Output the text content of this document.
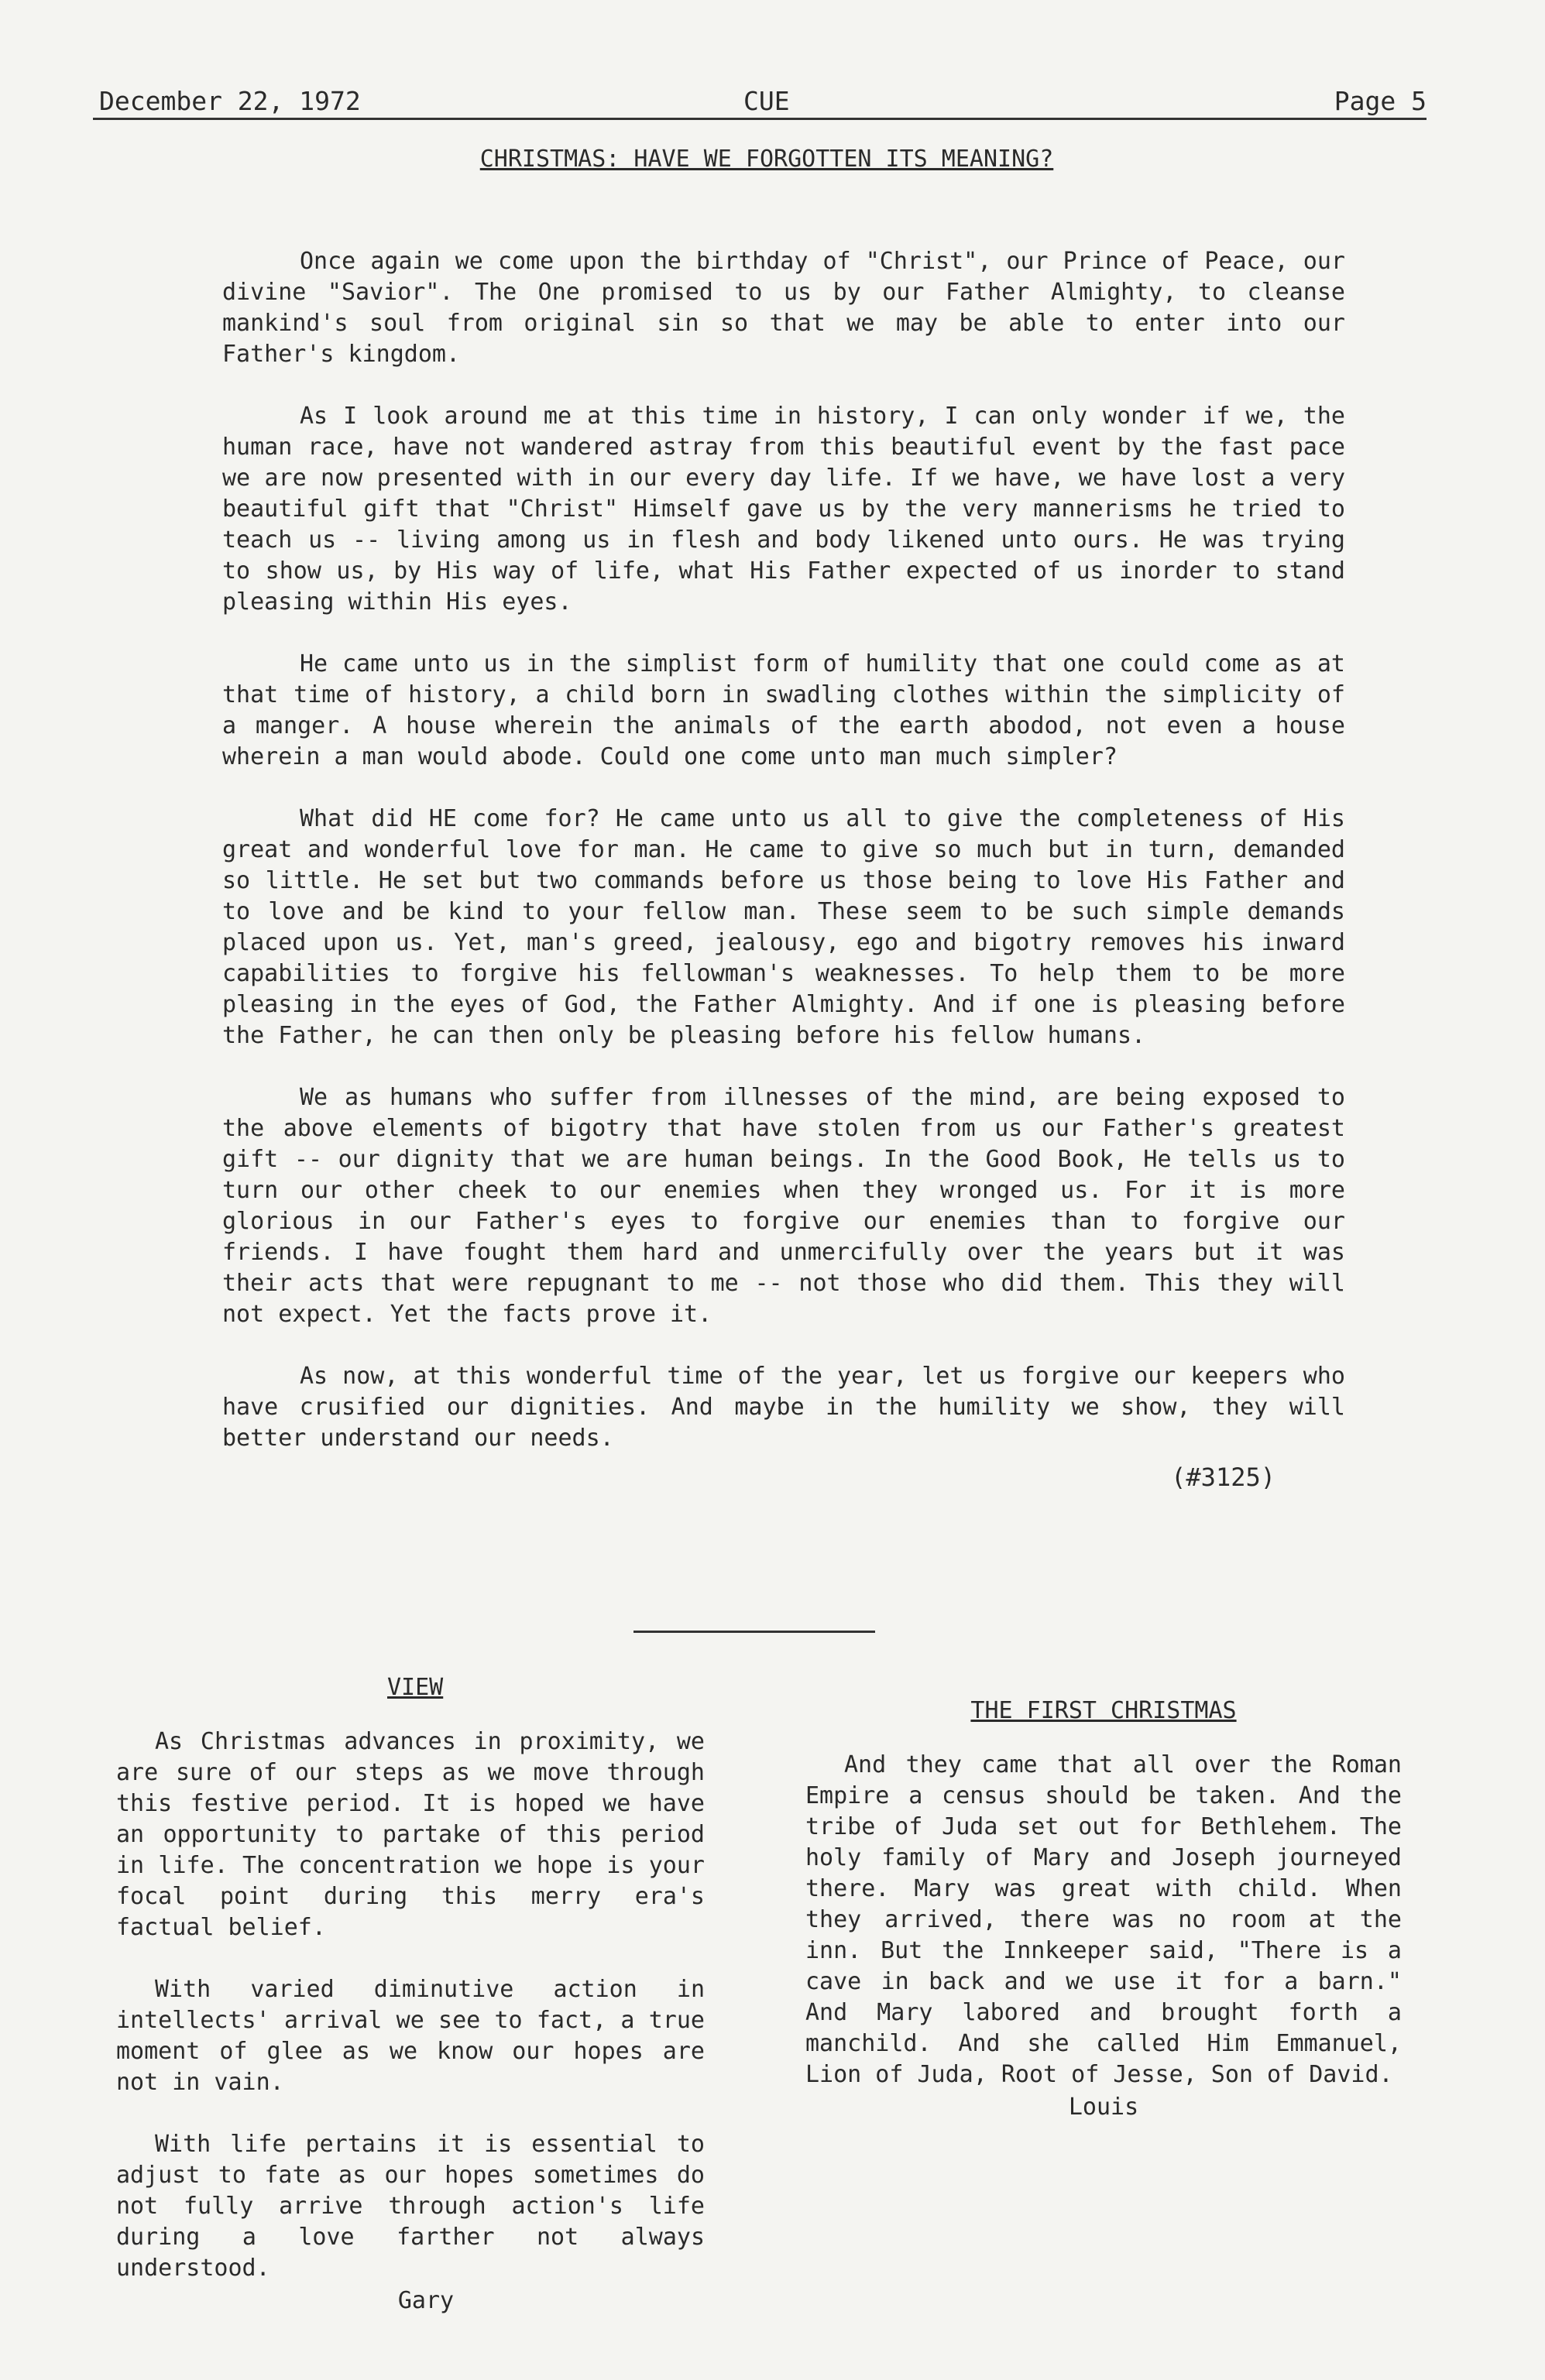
December 22, 1972	CUE	Page 5
CHRISTMAS: HAVE WE FORGOTTEN ITS MEANING?

Once again we come upon the birthday of "Christ", our Prince of Peace, our divine "Savior". The One promised to us by our Father Almighty, to cleanse mankind's soul from original sin so that we may be able to enter into our Father's kingdom.

As I look around me at this time in history, I can only wonder if we, the human race, have not wandered astray from this beautiful event by the fast pace we are now presented with in our every day life. If we have, we have lost a very beautiful gift that "Christ" Himself gave us by the very mannerisms he tried to teach us -- living among us in flesh and body likened unto ours. He was trying to show us, by His way of life, what His Father expected of us inorder to stand pleasing within His eyes.

He came unto us in the simplist form of humility that one could come as at that time of history, a child born in swadling clothes within the simplicity of a manger. A house wherein the animals of the earth abodod, not even a house wherein a man would abode. Could one come unto man much simpler?

What did HE come for? He came unto us all to give the completeness of His great and wonderful love for man. He came to give so much but in turn, demanded so little. He set but two commands before us those being to love His Father and to love and be kind to your fellow man. These seem to be such simple demands placed upon us. Yet, man's greed, jealousy, ego and bigotry removes his inward capabilities to forgive his fellowman's weaknesses. To help them to be more pleasing in the eyes of God, the Father Almighty. And if one is pleasing before the Father, he can then only be pleasing before his fellow humans.

We as humans who suffer from illnesses of the mind, are being exposed to the above elements of bigotry that have stolen from us our Father's greatest gift -- our dignity that we are human beings. In the Good Book, He tells us to turn our other cheek to our enemies when they wronged us. For it is more glorious in our Father's eyes to forgive our enemies than to forgive our friends. I have fought them hard and unmercifully over the years but it was their acts that were repugnant to me -- not those who did them. This they will not expect. Yet the facts prove it.

As now, at this wonderful time of the year, let us forgive our keepers who have crusified our dignities. And maybe in the humility we show, they will better understand our needs.

(#3125)
VIEW

As Christmas advances in proximity, we are sure of our steps as we move through this festive period. It is hoped we have an opportunity to partake of this period in life. The concentration we hope is your focal point during this merry era's factual belief.

With varied diminutive action in intellects' arrival we see to fact, a true moment of glee as we know our hopes are not in vain.

With life pertains it is essential to adjust to fate as our hopes sometimes do not fully arrive through action's life during a love farther not always understood.

Gary

THE FIRST CHRISTMAS

And they came that all over the Roman Empire a census should be taken. And the tribe of Juda set out for Bethlehem. The holy family of Mary and Joseph journeyed there. Mary was great with child. When they arrived, there was no room at the inn. But the Innkeeper said, "There is a cave in back and we use it for a barn." And Mary labored and brought forth a manchild. And she called Him Emmanuel, Lion of Juda, Root of Jesse, Son of David.

Louis
